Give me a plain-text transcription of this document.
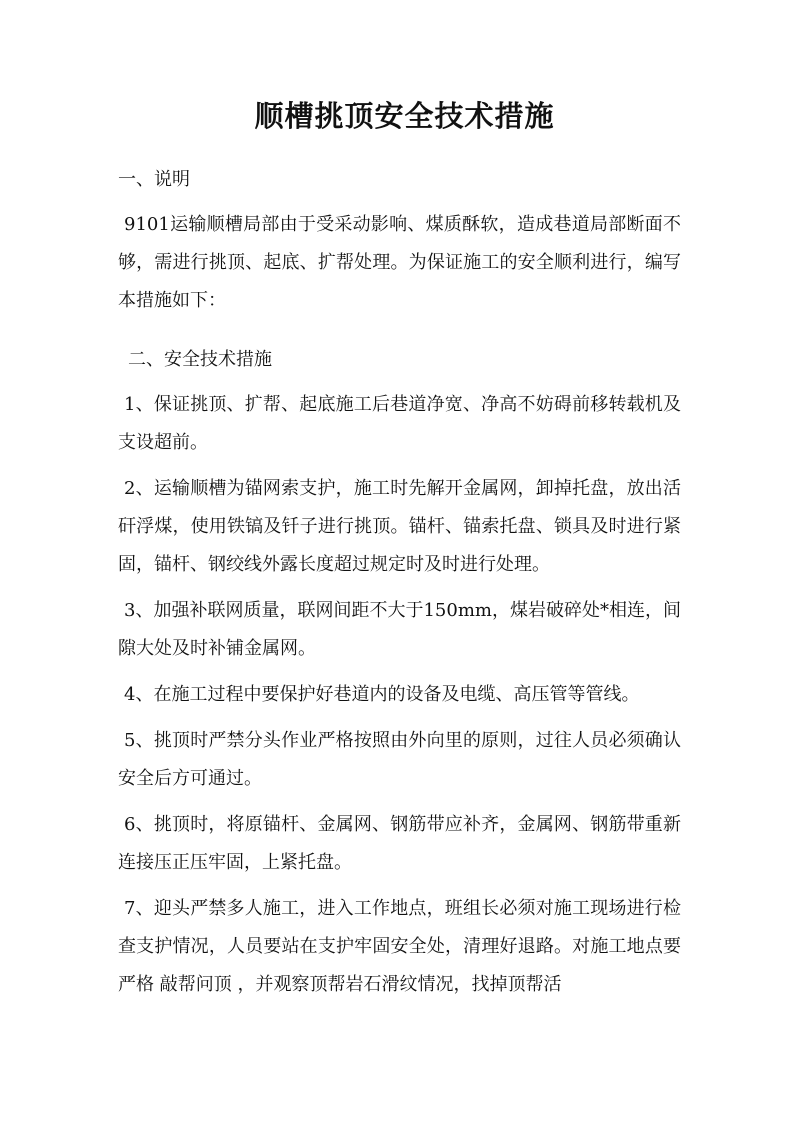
顺槽挑顶安全技术措施

一、说明

9101运输顺槽局部由于受采动影响、煤质酥软，造成巷道局部断面不够，需进行挑顶、起底、扩帮处理。为保证施工的安全顺利进行，编写本措施如下：

二、安全技术措施

1、保证挑顶、扩帮、起底施工后巷道净宽、净高不妨碍前移转载机及支设超前。

2、运输顺槽为锚网索支护，施工时先解开金属网，卸掉托盘，放出活矸浮煤，使用铁镐及钎子进行挑顶。锚杆、锚索托盘、锁具及时进行紧固，锚杆、钢绞线外露长度超过规定时及时进行处理。

3、加强补联网质量，联网间距不大于150mm，煤岩破碎处*相连，间隙大处及时补铺金属网。

4、在施工过程中要保护好巷道内的设备及电缆、高压管等管线。

5、挑顶时严禁分头作业严格按照由外向里的原则，过往人员必须确认安全后方可通过。

6、挑顶时，将原锚杆、金属网、钢筋带应补齐，金属网、钢筋带重新连接压正压牢固，上紧托盘。

7、迎头严禁多人施工，进入工作地点，班组长必须对施工现场进行检查支护情况，人员要站在支护牢固安全处，清理好退路。对施工地点要严格 敲帮问顶 ，并观察顶帮岩石滑纹情况，找掉顶帮活
